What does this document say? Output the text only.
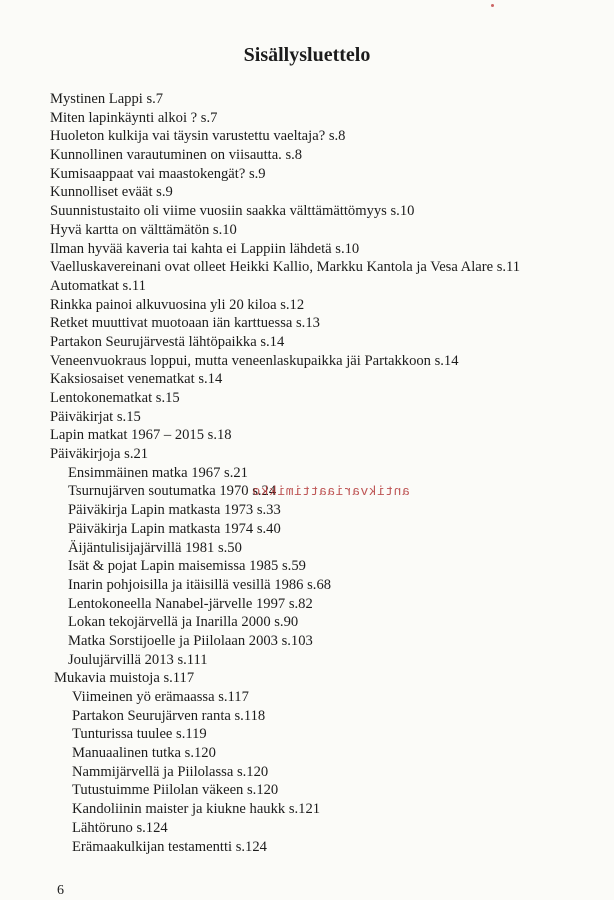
Sisällysluettelo
Mystinen Lappi s.7
Miten lapinkäynti alkoi ? s.7
Huoleton kulkija vai täysin varustettu vaeltaja? s.8
Kunnollinen varautuminen on viisautta. s.8
Kumisaappaat vai maastokengät? s.9
Kunnolliset eväät s.9
Suunnistustaito oli viime vuosiin saakka välttämättömyys s.10
Hyvä kartta on välttämätön s.10
Ilman hyvää kaveria tai kahta ei Lappiin lähdetä s.10
Vaelluskavereinani ovat olleet Heikki Kallio, Markku Kantola ja Vesa Alare s.11
Automatkat s.11
Rinkka painoi alkuvuosina yli 20 kiloa s.12
Retket muuttivat muotoaan iän karttuessa s.13
Partakon Seurujärvestä lähtöpaikka s.14
Veneenvuokraus loppui, mutta veneenlaskupaikka jäi Partakkoon s.14
Kaksiosaiset venematkat s.14
Lentokonematkat s.15
Päiväkirjat s.15
Lapin matkat 1967 – 2015 s.18
Päiväkirjoja s.21
Ensimmäinen matka 1967 s.21
Tsurnujärven soutumatka 1970 s.24
Päiväkirja Lapin matkasta 1973 s.33
Päiväkirja Lapin matkasta 1974 s.40
Äijäntulisijajärvillä 1981 s.50
Isät & pojat Lapin maisemissa 1985 s.59
Inarin pohjoisilla ja itäisillä vesillä 1986 s.68
Lentokoneella Nanabel-järvelle 1997 s.82
Lokan tekojärvellä ja Inarilla 2000 s.90
Matka Sorstijoelle ja Piilolaan 2003 s.103
Joulujärvillä 2013 s.111
Mukavia muistoja s.117
Viimeinen yö erämaassa s.117
Partakon Seurujärven ranta s.118
Tunturissa tuulee s.119
Manuaalinen tutka s.120
Nammijärvellä ja Piilolassa s.120
Tutustuimme Piilolan väkeen s.120
Kandoliinin maister ja kiukne haukk s.121
Lähtöruno s.124
Erämaakulkijan testamentti s.124
antikvariaattimikko
6
